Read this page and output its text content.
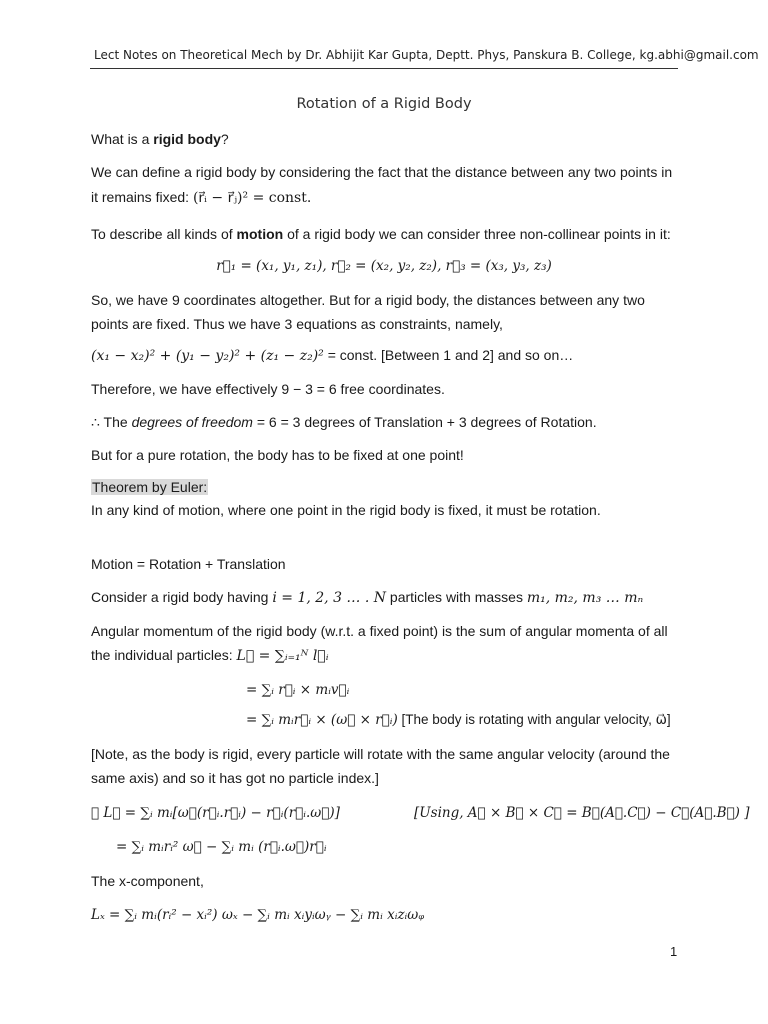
Lect Notes on Theoretical Mech by Dr. Abhijit Kar Gupta, Deptt. Phys, Panskura B. College, kg.abhi@gmail.com
Rotation of a Rigid Body
What is a rigid body?
We can define a rigid body by considering the fact that the distance between any two points in
it remains fixed: (r⃗ᵢ − r⃗ⱼ)² = const.
To describe all kinds of motion of a rigid body we can consider three non-collinear points in it:
r⃗₁ = (x₁, y₁, z₁), r⃗₂ = (x₂, y₂, z₂), r⃗₃ = (x₃, y₃, z₃)
So, we have 9 coordinates altogether. But for a rigid body, the distances between any two
points are fixed. Thus we have 3 equations as constraints, namely,
(x₁ − x₂)² + (y₁ − y₂)² + (z₁ − z₂)² = const. [Between 1 and 2] and so on…
Therefore, we have effectively 9 − 3 = 6 free coordinates.
∴ The degrees of freedom = 6 = 3 degrees of Translation + 3 degrees of Rotation.
But for a pure rotation, the body has to be fixed at one point!
Theorem by Euler:
In any kind of motion, where one point in the rigid body is fixed, it must be rotation.
Motion = Rotation + Translation
Consider a rigid body having i = 1, 2, 3 … . N particles with masses m₁, m₂, m₃ … mₙ
Angular momentum of the rigid body (w.r.t. a fixed point) is the sum of angular momenta of all
the individual particles: L⃗ = ∑ᵢ₌₁ᴺ l⃗ᵢ
= ∑ᵢ r⃗ᵢ × mᵢv⃗ᵢ
= ∑ᵢ mᵢr⃗ᵢ × (ω⃗ × r⃗ᵢ) [The body is rotating with angular velocity, ω⃗]
[Note, as the body is rigid, every particle will rotate with the same angular velocity (around the
same axis) and so it has got no particle index.]
∴ L⃗ = ∑ᵢ mᵢ[ω⃗(r⃗ᵢ.r⃗ᵢ) − r⃗ᵢ(r⃗ᵢ.ω⃗)]	[Using, A⃗ × B⃗ × C⃗ = B⃗(A⃗.C⃗) − C⃗(A⃗.B⃗) ]
= ∑ᵢ mᵢrᵢ² ω⃗ − ∑ᵢ mᵢ (r⃗ᵢ.ω⃗)r⃗ᵢ
The x-component,
Lₓ = ∑ᵢ mᵢ(rᵢ² − xᵢ²) ωₓ − ∑ᵢ mᵢ xᵢyᵢωᵧ − ∑ᵢ mᵢ xᵢzᵢωᵩ
1
